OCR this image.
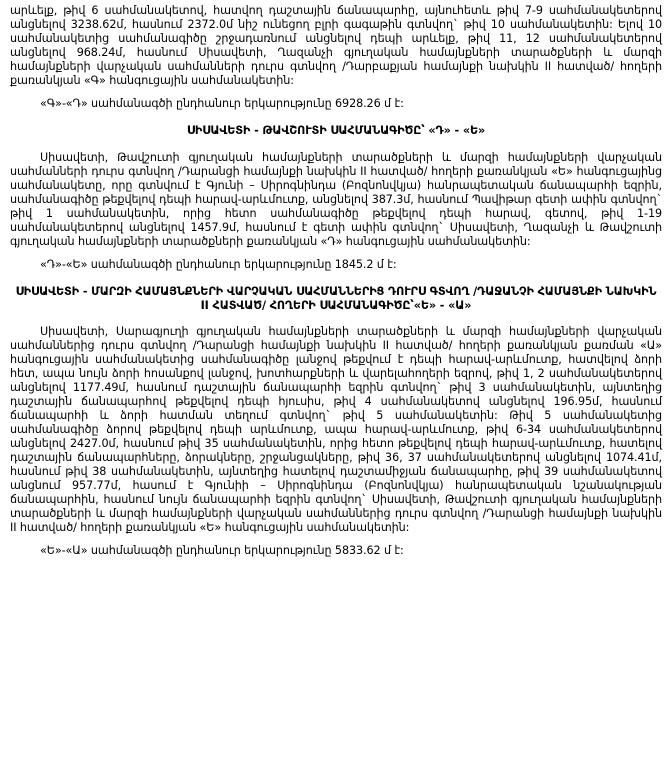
արևելք, թիվ 6 սահմանակետով, հատվող դաշտային ճանապարհը, այնուհետև թիվ 7-9 սահմանակետերով անցնելով 3238.62մ, հասնում 2372.0մ նիշ ունեցող բլրի գագաթին գտնվող` թիվ 10 սահմանակետին: Ելով 10 սահմանակետից սահմանագիծը շրջադառնում անցնելով դեպի արևելք, թիվ 11, 12 սահմանակետերով անցնելով 968.24մ, հասնում Սիսավետի, Ղազանչի գյուղական համայնքների տարածքների և մարզի համայնքների վարչական սահմանների դուրս գտնվող /Դարբաքյան համայնքի նախկին II հատված/ հողերի քառանկյան «Գ» հանգուցային սահմանակետին:

«Գ»-«Դ» սահմանագծի ընդհանուր երկարությունը 6928.26 մ է:

ՍԻՍԱՎԵՏԻ - ԹԱՎՇՈՒՏԻ ՍԱՀՄԱՆԱԳԻԾԸ՝ «Դ» - «Ե»

Սիսավետի, Թավշուտի գյուղական համայնքների տարածքների և մարզի համայնքների վարչական սահմանների դուրս գտնվող /Դարանցի համայնքի նախկին II հատված/ հողերի քառանկյան «Ե» հանգուցայինց սահմանակետը, որը գտնվում է Գյունի – Սիրոգնինդա (Բոզնոնվկյա) հանրապետական ճանապարհի եզրին, սահմանագիծը թեքվելով դեպի հարավ-արևմուտք, անցնելով 387.3մ, հասնում Պավիթար գետի ափին գտնվող` թիվ 1 սահմանակետին, որից հետո սահմանագիծը թեքվելով դեպի հարավ, գետով, թիվ 1-19 սահմանակետերով անցնելով 1457.9մ, հասնում է գետի ափին գտնվող` Սիսավետի, Ղազանչի և Թավշուտի գյուղական համայնքների տարածքների քառանկյան «Դ» հանգուցային սահմանակետին:

«Դ»-«Ե» սահմանագծի ընդհանուր երկարությունը 1845.2 մ է:

ՍԻՍԱՎԵՏԻ - ՄԱՐԶԻ ՀԱՄԱՅՆՔՆԵՐԻ ՎԱՐՉԱԿԱՆ ՍԱՀՄԱՆՆԵՐԻՑ ԴՈՒՐՍ ԳՏՎՈՂ /ԴԱՋԱՆՉԻ ՀԱՄԱՅՆՔԻ ՆԱԽԿԻՆ II ՀԱՏՎԱԾ/ ՀՈՂԵՐԻ ՍԱՀՄԱՆԱԳԻԾԸ՝«Ե» - «Ա»

Սիսավետի, Սարագյուղի գյուղական համայնքների տարածքների և մարզի համայնքների վարչական սահմաններից դուրս գտնվող /Դարանցի համայնքի նախկին II հատված/ հողերի քառանկյան քառման «Ա» հանգուցային սահմանակետից սահմանագիծը լանջով թեքվում է դեպի հարավ-արևմուտք, հատվելով ձորի հետ, ապա նույն ձորի հոսանքով լանջով, խոտհարքների և վարելահողերի եզրով, թիվ 1, 2 սահմանակետերով անցնելով 1177.49մ, հասնում դաշտային ճանապարհի եզրին գտնվող` թիվ 3 սահմանակետին, այնտեղից դաշտային ճանապարհով թեքվելով դեպի հյուսիս, թիվ 4 սահմանակետով անցնելով 196.95մ, հասնում ճանապարհի և ձորի հատման տեղում գտնվող` թիվ 5 սահմանակետին: Թիվ 5 սահմանակետից սահմանագիծը ձորով թեքվելով դեպի արևմուտք, ապա հարավ-արևմուտք, թիվ 6-34 սահմանակետերով անցնելով 2427.0մ, հասնում թիվ 35 սահմանակետին, որից հետո թեքվելով դեպի հարավ-արևմուտք, հատելով դաշտային ճանապարհները, ձորակները, շրջանցակները, թիվ 36, 37 սահմանակետերով անցնելով 1074.41մ, հասնում թիվ 38 սահմանակետին, այնտեղից հատելով դաշտամիջյան ճանապարհը, թիվ 39 սահմանակետով անցնում 957.77մ, հասում է Գյունիի – Սիրոգնինդա (Բոզնոնվկյա) հանրապետական նշանակության ճանապարհին, հասնում նույն ճանապարհի եզրին գտնվող` Սիսավետի, Թավշուտի գյուղական համայնքների տարածքների և մարզի համայնքների վարչական սահմաններից դուրս գտնվող /Դարանցի համայնքի նախկին II հատված/ հողերի քառանկյան «Ե» հանգուցային սահմանակետին:

«Ե»-«Ա» սահմանագծի ընդհանուր երկարությունը 5833.62 մ է:
